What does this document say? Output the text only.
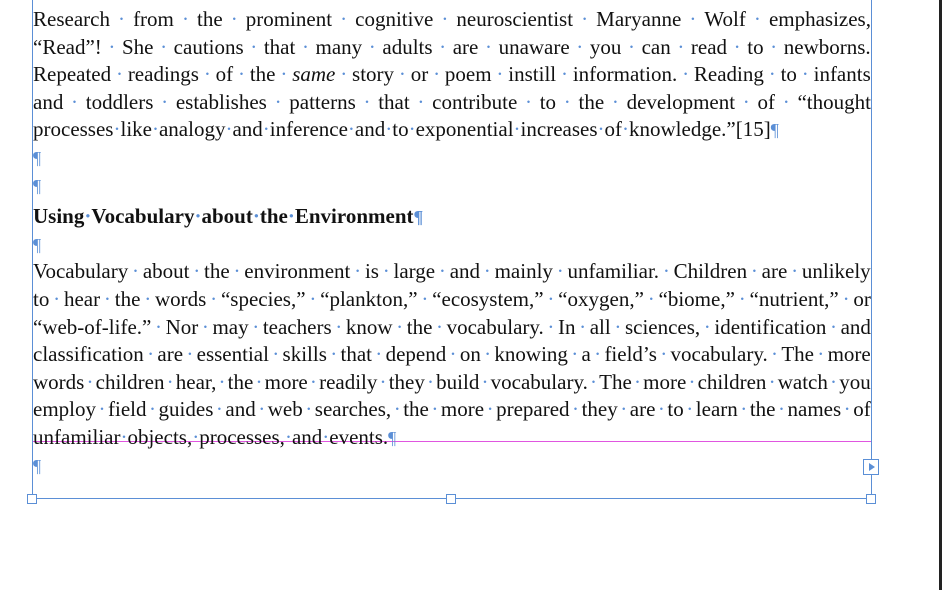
Research · from · the · prominent · cognitive · neuroscientist · Maryanne · Wolf · emphasizes,
“Read”! · She · cautions · that · many · adults · are · unaware · you · can · read · to · newborns.
Repeated · readings · of · the · same · story · or · poem · instill · information. · Reading · to · infants
and · toddlers · establishes · patterns · that · contribute · to · the · development · of · “thought
processes·like·analogy·and·inference·and·to·exponential·increases·of·knowledge.”[15]¶
¶
¶
Using·Vocabulary·about·the·Environment¶
¶
Vocabulary · about · the · environment · is · large · and · mainly · unfamiliar. · Children · are · unlikely
to · hear · the · words · “species,” · “plankton,” · “ecosystem,” · “oxygen,” · “biome,” · “nutrient,” · or
“web-of-life.” · Nor · may · teachers · know · the · vocabulary. · In · all · sciences, · identification · and
classification · are · essential · skills · that · depend · on · knowing · a · field’s · vocabulary. · The · more
words · children · hear, · the · more · readily · they · build · vocabulary. · The · more · children · watch · you
employ · field · guides · and · web · searches, · the · more · prepared · they · are · to · learn · the · names · of
unfamiliar·objects,·processes,·and·events.¶
¶
